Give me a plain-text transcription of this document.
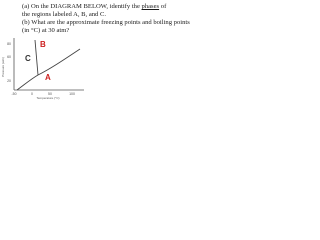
(a) On the DIAGRAM BELOW, identify the phases of
the regions labeled A, B, and C.
(b) What are the approximate freezing points and boiling points
(in °C) at 30 atm?
C
B
A
80
60
20
-50	0	50	100
Pressure (atm)
Temperature (°C)
